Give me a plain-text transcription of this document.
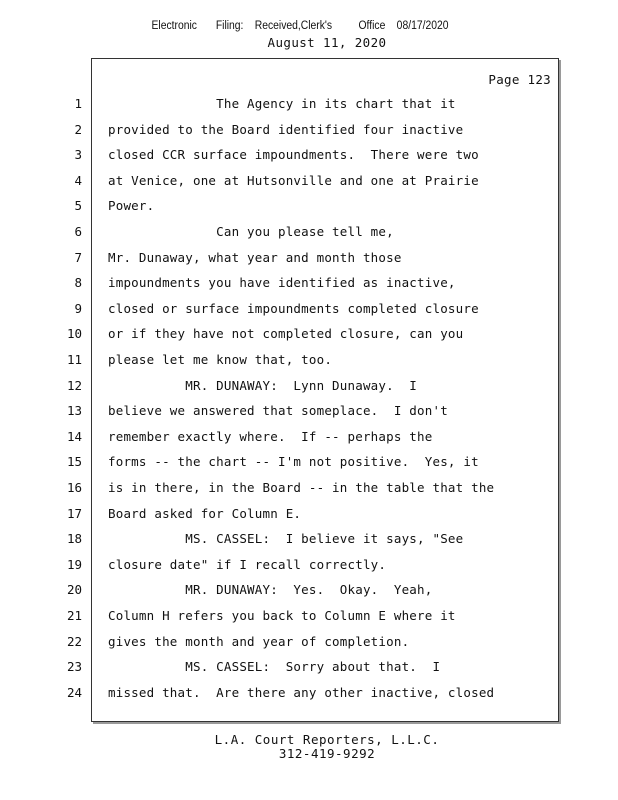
Electronic     Filing:   Received,Clerk's       Office   08/17/2020
August 11, 2020
Page 123
1 The Agency in its chart that it
2 provided to the Board identified four inactive
3 closed CCR surface impoundments.  There were two
4 at Venice, one at Hutsonville and one at Prairie
5 Power.
6 Can you please tell me,
7 Mr. Dunaway, what year and month those
8 impoundments you have identified as inactive,
9 closed or surface impoundments completed closure
10 or if they have not completed closure, can you
11 please let me know that, too.
12 MR. DUNAWAY:  Lynn Dunaway.  I
13 believe we answered that someplace.  I don't
14 remember exactly where.  If -- perhaps the
15 forms -- the chart -- I'm not positive.  Yes, it
16 is in there, in the Board -- in the table that the
17 Board asked for Column E.
18 MS. CASSEL:  I believe it says, "See
19 closure date" if I recall correctly.
20 MR. DUNAWAY:  Yes.  Okay.  Yeah,
21 Column H refers you back to Column E where it
22 gives the month and year of completion.
23 MS. CASSEL:  Sorry about that.  I
24 missed that.  Are there any other inactive, closed
L.A. Court Reporters, L.L.C.
312-419-9292
